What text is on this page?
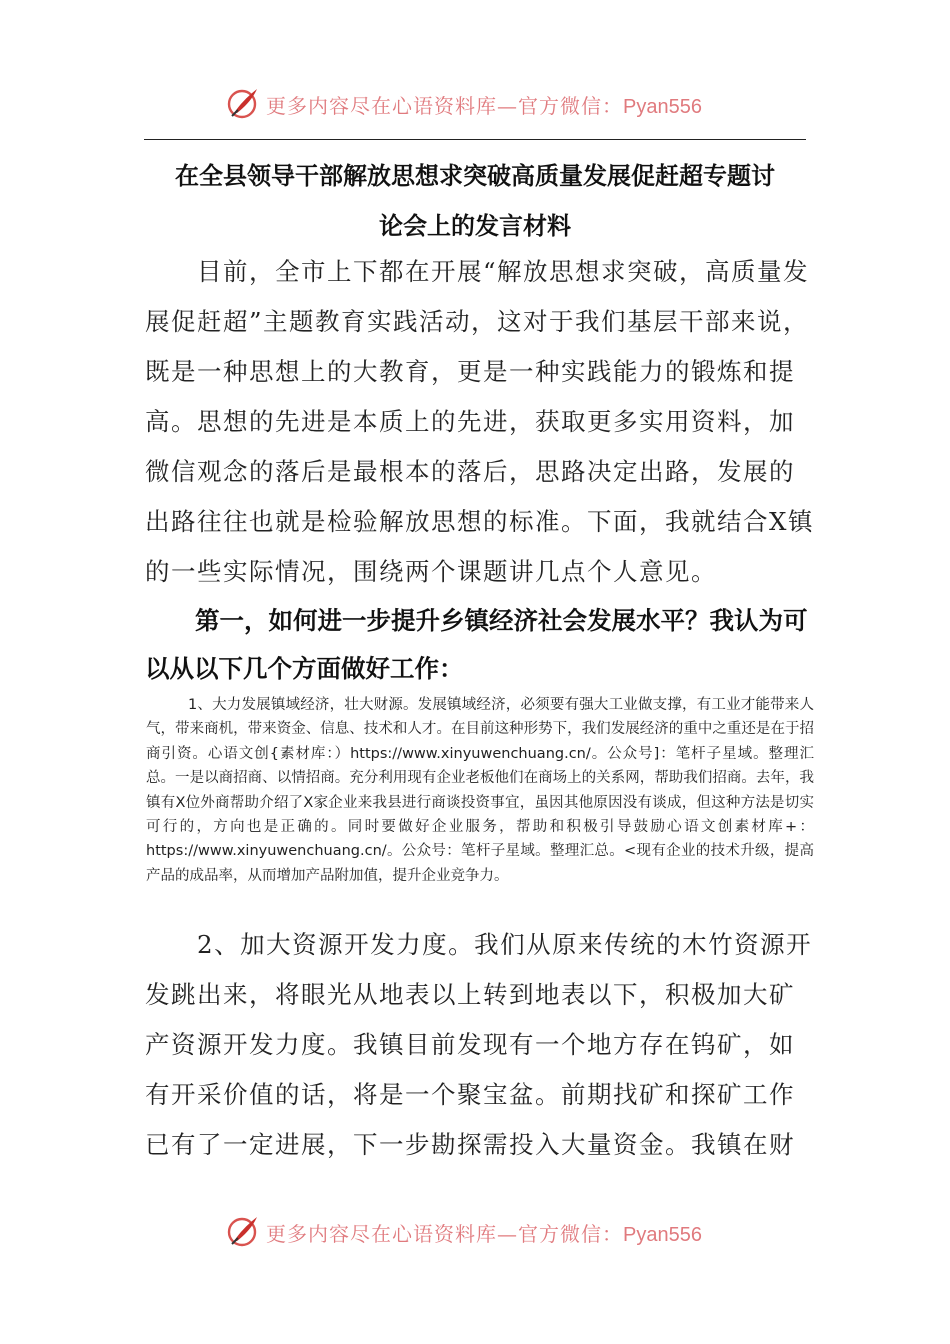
更多内容尽在心语资料库—官方微信：Pyan556
在全县领导干部解放思想求突破高质量发展促赶超专题讨
论会上的发言材料
目前，全市上下都在开展“解放思想求突破，高质量发展促赶超”主题教育实践活动，这对于我们基层干部来说，既是一种思想上的大教育，更是一种实践能力的锻炼和提高。思想的先进是本质上的先进，获取更多实用资料，加微信观念的落后是最根本的落后，思路决定出路，发展的出路往往也就是检验解放思想的标准。下面，我就结合X镇的一些实际情况，围绕两个课题讲几点个人意见。
第一，如何进一步提升乡镇经济社会发展水平？我认为可以从以下几个方面做好工作：
1、大力发展镇域经济，壮大财源。发展镇域经济，必须要有强大工业做支撑，有工业才能带来人气，带来商机，带来资金、信息、技术和人才。在目前这种形势下，我们发展经济的重中之重还是在于招商引资。心语文创{素材库：）https://www.xinyuwenchuang.cn/。公众号]：笔杆子星域。整理汇总。一是以商招商、以情招商。充分利用现有企业老板他们在商场上的关系网，帮助我们招商。去年，我镇有X位外商帮助介绍了X家企业来我县进行商谈投资事宜，虽因其他原因没有谈成，但这种方法是切实可行的，方向也是正确的。同时要做好企业服务，帮助和积极引导鼓励心语文创素材库+：https://www.xinyuwenchuang.cn/。公众号：笔杆子星域。整理汇总。<现有企业的技术升级，提高产品的成品率，从而增加产品附加值，提升企业竞争力。
2、加大资源开发力度。我们从原来传统的木竹资源开发跳出来，将眼光从地表以上转到地表以下，积极加大矿产资源开发力度。我镇目前发现有一个地方存在钨矿，如有开采价值的话，将是一个聚宝盆。前期找矿和探矿工作已有了一定进展，下一步勘探需投入大量资金。我镇在财
更多内容尽在心语资料库—官方微信：Pyan556
